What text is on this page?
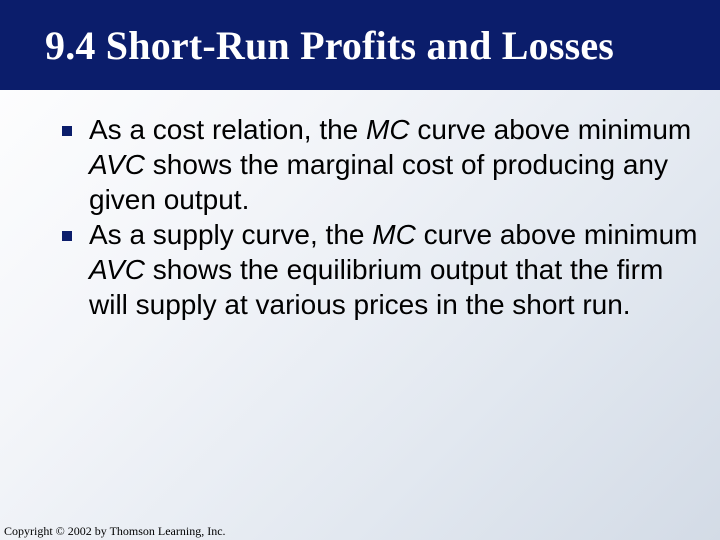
9.4 Short-Run Profits and Losses
As a cost relation, the MC curve above minimum AVC shows the marginal cost of producing any given output.
As a supply curve, the MC curve above minimum AVC shows the equilibrium output that the firm will supply at various prices in the short run.
Copyright © 2002 by Thomson Learning, Inc.
